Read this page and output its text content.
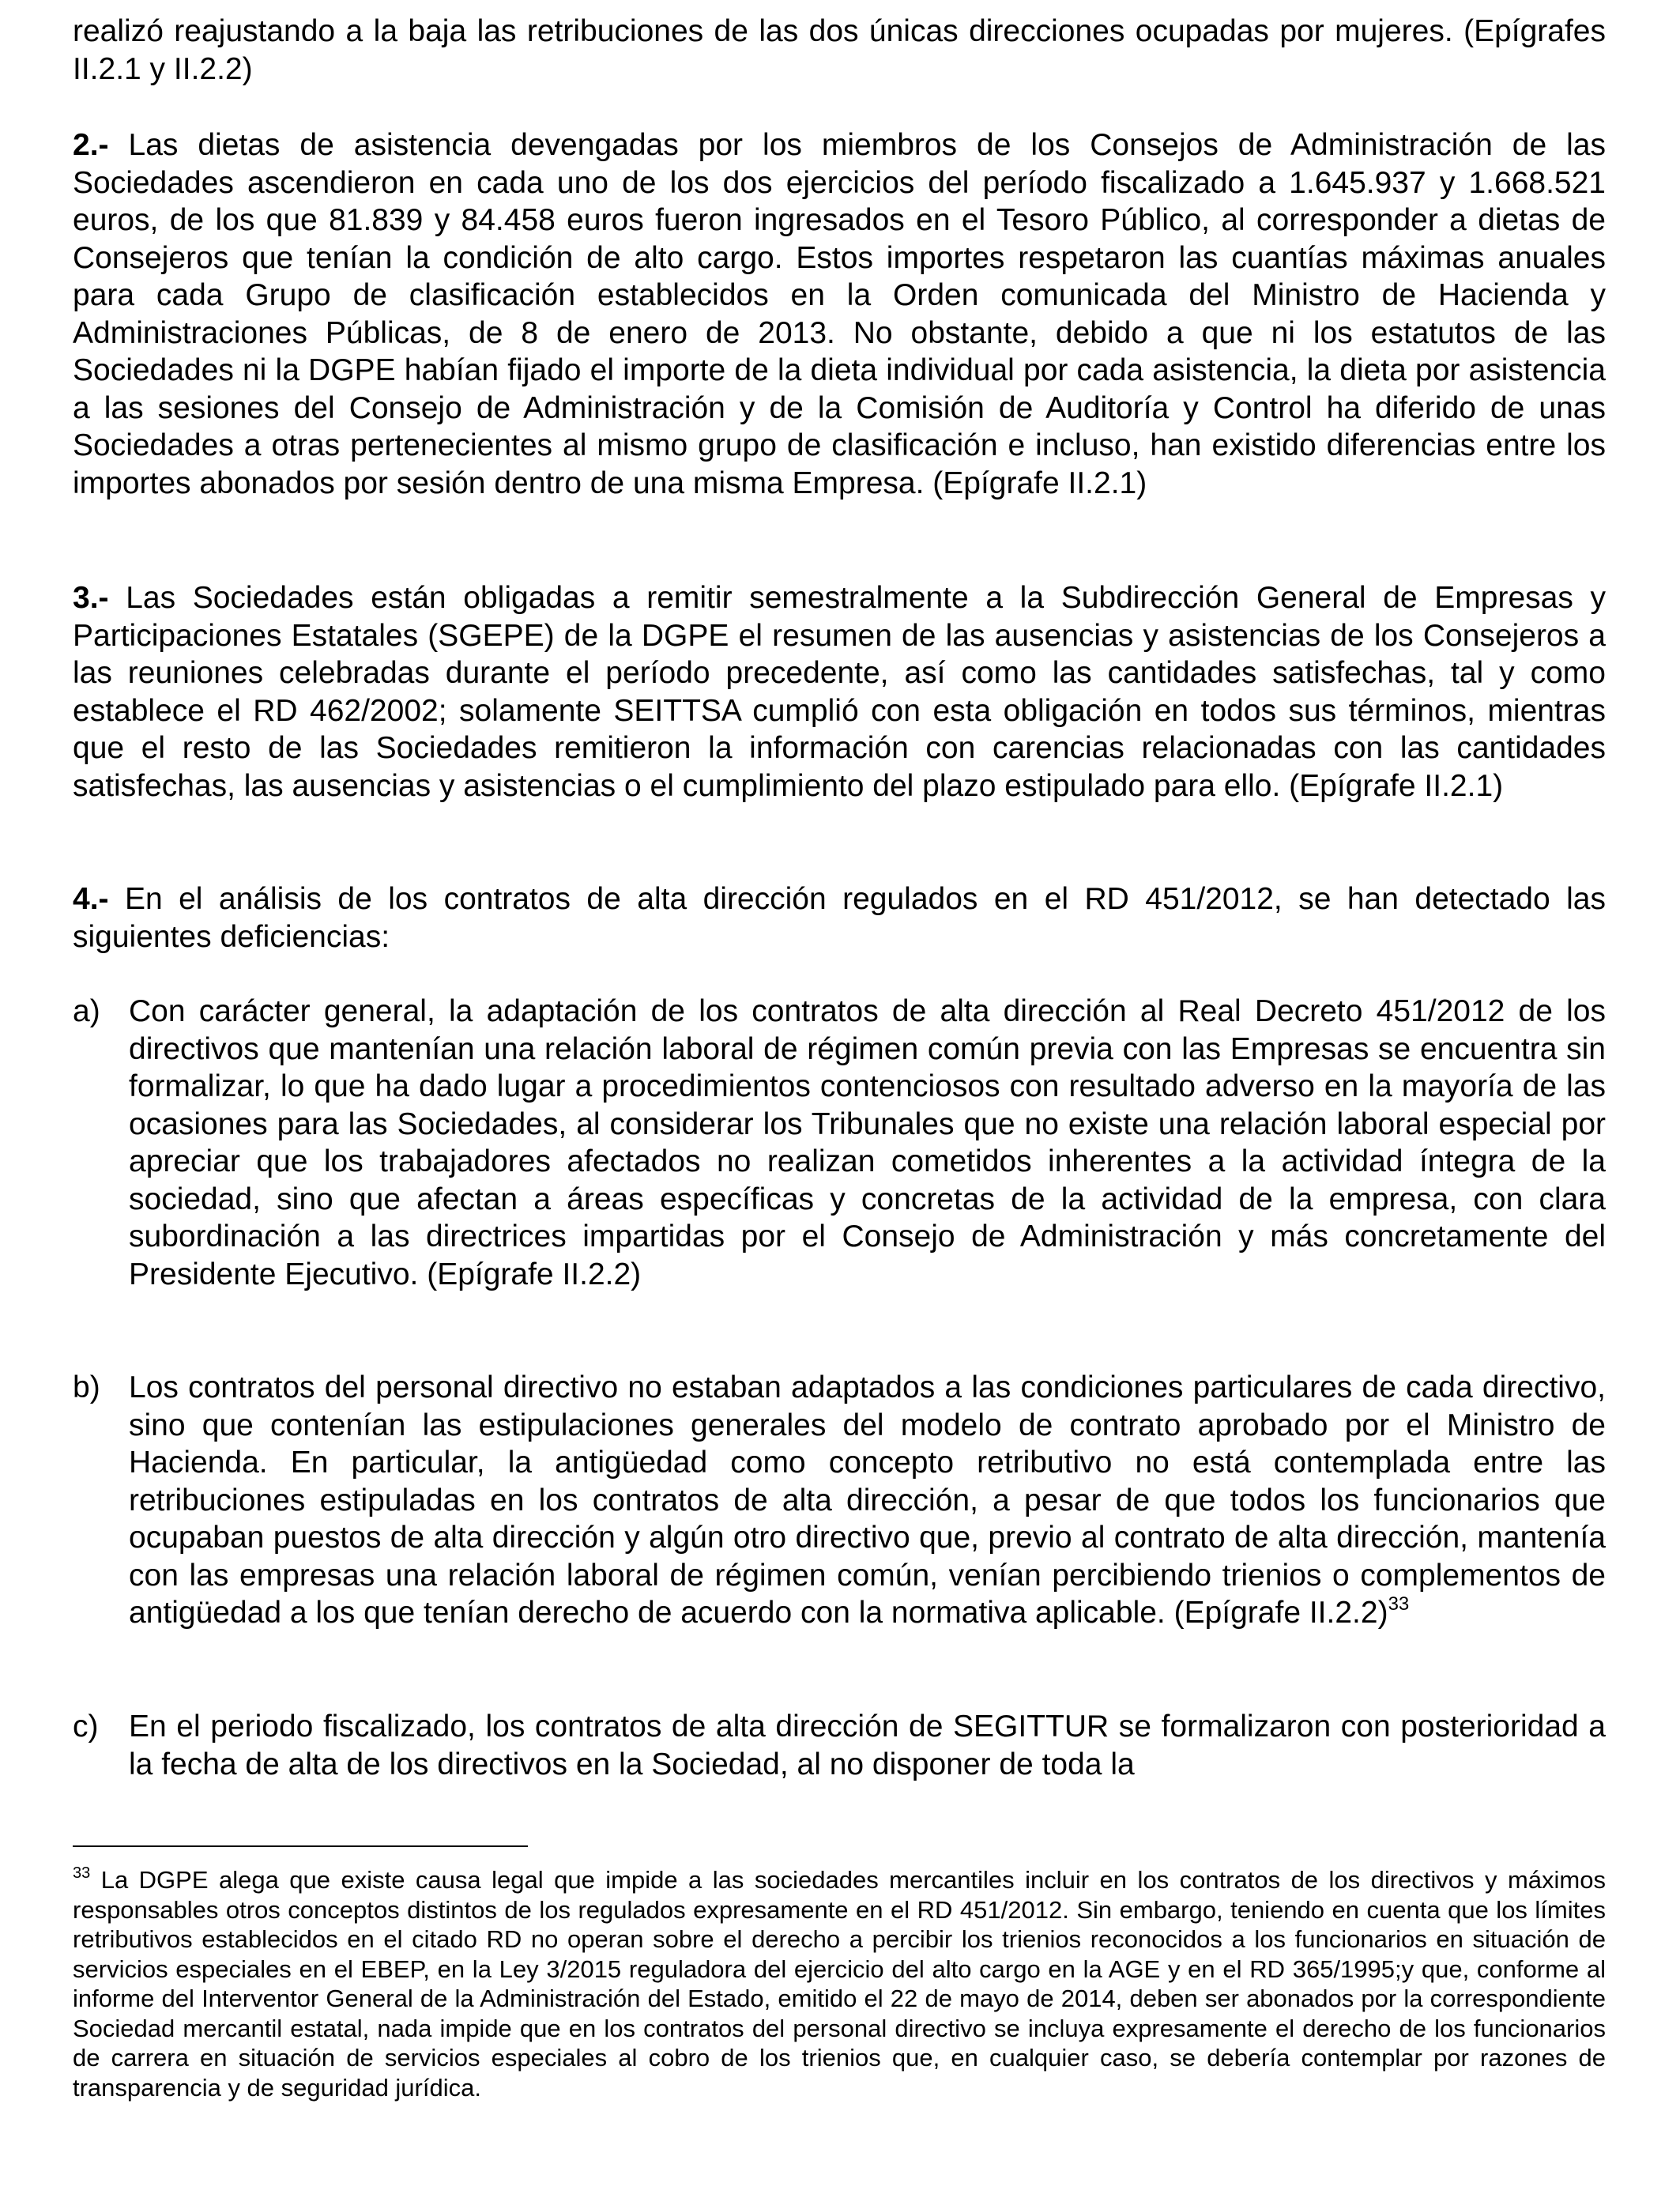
realizó reajustando a la baja las retribuciones de las dos únicas direcciones ocupadas por mujeres. (Epígrafes II.2.1 y II.2.2)

2.- Las dietas de asistencia devengadas por los miembros de los Consejos de Administración de las Sociedades ascendieron en cada uno de los dos ejercicios del período fiscalizado a 1.645.937 y 1.668.521 euros, de los que 81.839 y 84.458 euros fueron ingresados en el Tesoro Público, al corresponder a dietas de Consejeros que tenían la condición de alto cargo. Estos importes respetaron las cuantías máximas anuales para cada Grupo de clasificación establecidos en la Orden comunicada del Ministro de Hacienda y Administraciones Públicas, de 8 de enero de 2013. No obstante, debido a que ni los estatutos de las Sociedades ni la DGPE habían fijado el importe de la dieta individual por cada asistencia, la dieta por asistencia a las sesiones del Consejo de Administración y de la Comisión de Auditoría y Control ha diferido de unas Sociedades a otras pertenecientes al mismo grupo de clasificación e incluso, han existido diferencias entre los importes abonados por sesión dentro de una misma Empresa. (Epígrafe II.2.1)

3.- Las Sociedades están obligadas a remitir semestralmente a la Subdirección General de Empresas y Participaciones Estatales (SGEPE) de la DGPE el resumen de las ausencias y asistencias de los Consejeros a las reuniones celebradas durante el período precedente, así como las cantidades satisfechas, tal y como establece el RD 462/2002; solamente SEITTSA cumplió con esta obligación en todos sus términos, mientras que el resto de las Sociedades remitieron la información con carencias relacionadas con las cantidades satisfechas, las ausencias y asistencias o el cumplimiento del plazo estipulado para ello. (Epígrafe II.2.1)

4.- En el análisis de los contratos de alta dirección regulados en el RD 451/2012, se han detectado las siguientes deficiencias:

a) Con carácter general, la adaptación de los contratos de alta dirección al Real Decreto 451/2012 de los directivos que mantenían una relación laboral de régimen común previa con las Empresas se encuentra sin formalizar, lo que ha dado lugar a procedimientos contenciosos con resultado adverso en la mayoría de las ocasiones para las Sociedades, al considerar los Tribunales que no existe una relación laboral especial por apreciar que los trabajadores afectados no realizan cometidos inherentes a la actividad íntegra de la sociedad, sino que afectan a áreas específicas y concretas de la actividad de la empresa, con clara subordinación a las directrices impartidas por el Consejo de Administración y más concretamente del Presidente Ejecutivo. (Epígrafe II.2.2)
b) Los contratos del personal directivo no estaban adaptados a las condiciones particulares de cada directivo, sino que contenían las estipulaciones generales del modelo de contrato aprobado por el Ministro de Hacienda. En particular, la antigüedad como concepto retributivo no está contemplada entre las retribuciones estipuladas en los contratos de alta dirección, a pesar de que todos los funcionarios que ocupaban puestos de alta dirección y algún otro directivo que, previo al contrato de alta dirección, mantenía con las empresas una relación laboral de régimen común, venían percibiendo trienios o complementos de antigüedad a los que tenían derecho de acuerdo con la normativa aplicable. (Epígrafe II.2.2)$^{33}$
c) En el periodo fiscalizado, los contratos de alta dirección de SEGITTUR se formalizaron con posterioridad a la fecha de alta de los directivos en la Sociedad, al no disponer de toda la

$^{33}$ La DGPE alega que existe causa legal que impide a las sociedades mercantiles incluir en los contratos de los directivos y máximos responsables otros conceptos distintos de los regulados expresamente en el RD 451/2012. Sin embargo, teniendo en cuenta que los límites retributivos establecidos en el citado RD no operan sobre el derecho a percibir los trienios reconocidos a los funcionarios en situación de servicios especiales en el EBEP, en la Ley 3/2015 reguladora del ejercicio del alto cargo en la AGE y en el RD 365/1995;y que, conforme al informe del Interventor General de la Administración del Estado, emitido el 22 de mayo de 2014, deben ser abonados por la correspondiente Sociedad mercantil estatal, nada impide que en los contratos del personal directivo se incluya expresamente el derecho de los funcionarios de carrera en situación de servicios especiales al cobro de los trienios que, en cualquier caso, se debería contemplar por razones de transparencia y de seguridad jurídica.
